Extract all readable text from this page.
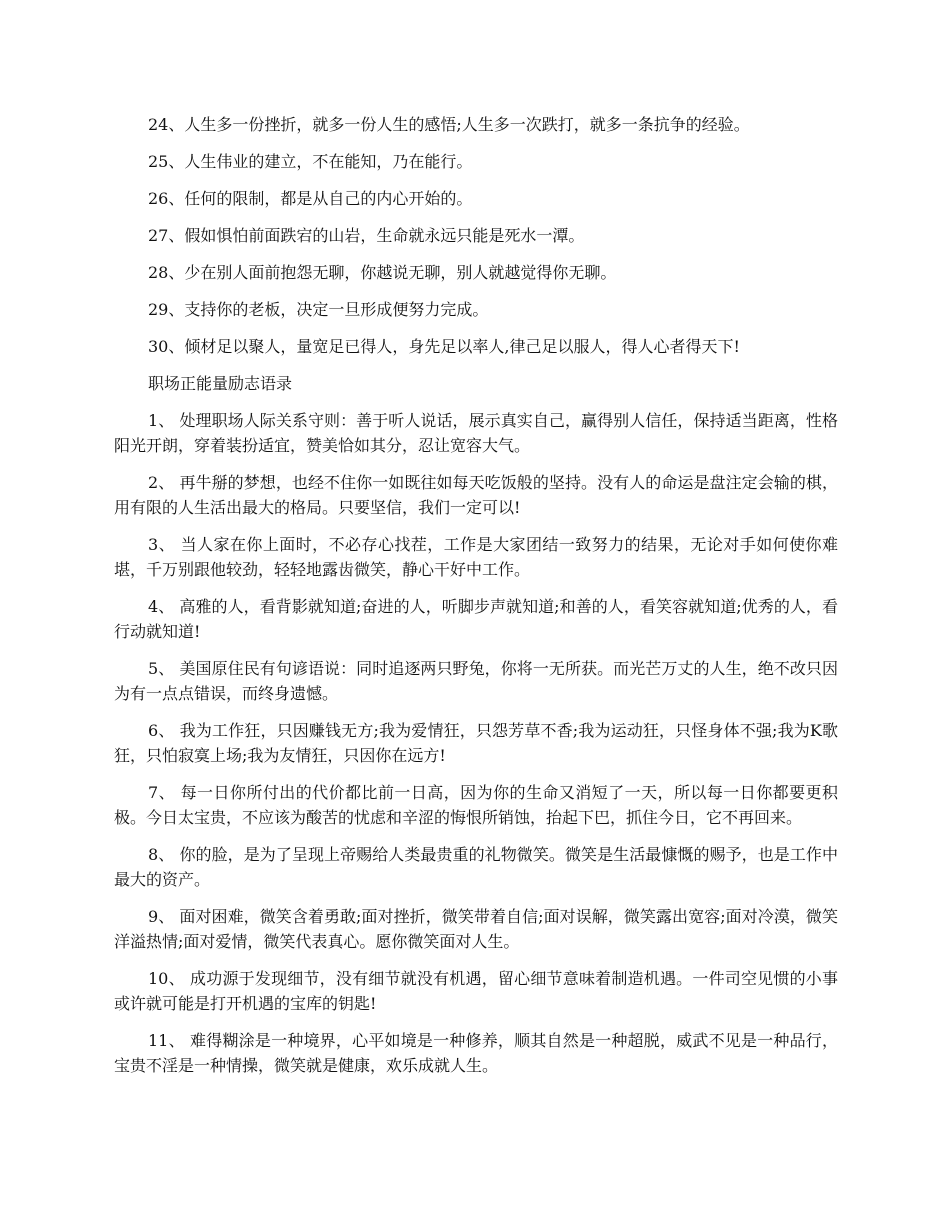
24、人生多一份挫折，就多一份人生的感悟;人生多一次跌打，就多一条抗争的经验。

25、人生伟业的建立，不在能知，乃在能行。

26、任何的限制，都是从自己的内心开始的。

27、假如惧怕前面跌宕的山岩，生命就永远只能是死水一潭。

28、少在别人面前抱怨无聊，你越说无聊，别人就越觉得你无聊。

29、支持你的老板，决定一旦形成便努力完成。

30、倾材足以聚人，量宽足已得人，身先足以率人,律己足以服人，得人心者得天下!

职场正能量励志语录

1、 处理职场人际关系守则：善于听人说话，展示真实自己，赢得别人信任，保持适当距离，性格阳光开朗，穿着装扮适宜，赞美恰如其分，忍让宽容大气。

2、 再牛掰的梦想，也经不住你一如既往如每天吃饭般的坚持。没有人的命运是盘注定会输的棋，用有限的人生活出最大的格局。只要坚信，我们一定可以!

3、 当人家在你上面时，不必存心找茬，工作是大家团结一致努力的结果，无论对手如何使你难堪，千万别跟他较劲，轻轻地露齿微笑，静心干好中工作。

4、 高雅的人，看背影就知道;奋进的人，听脚步声就知道;和善的人，看笑容就知道;优秀的人，看行动就知道!

5、 美国原住民有句谚语说：同时追逐两只野兔，你将一无所获。而光芒万丈的人生，绝不改只因为有一点点错误，而终身遗憾。

6、 我为工作狂，只因赚钱无方;我为爱情狂，只怨芳草不香;我为运动狂，只怪身体不强;我为K歌狂，只怕寂寞上场;我为友情狂，只因你在远方!

7、 每一日你所付出的代价都比前一日高，因为你的生命又消短了一天，所以每一日你都要更积极。今日太宝贵，不应该为酸苦的忧虑和辛涩的悔恨所销蚀，抬起下巴，抓住今日，它不再回来。

8、 你的脸，是为了呈现上帝赐给人类最贵重的礼物微笑。微笑是生活最慷慨的赐予，也是工作中最大的资产。

9、 面对困难，微笑含着勇敢;面对挫折，微笑带着自信;面对误解，微笑露出宽容;面对冷漠，微笑洋溢热情;面对爱情，微笑代表真心。愿你微笑面对人生。

10、 成功源于发现细节，没有细节就没有机遇，留心细节意味着制造机遇。一件司空见惯的小事或许就可能是打开机遇的宝库的钥匙!

11、 难得糊涂是一种境界，心平如境是一种修养，顺其自然是一种超脱，威武不见是一种品行，宝贵不淫是一种情操，微笑就是健康，欢乐成就人生。
